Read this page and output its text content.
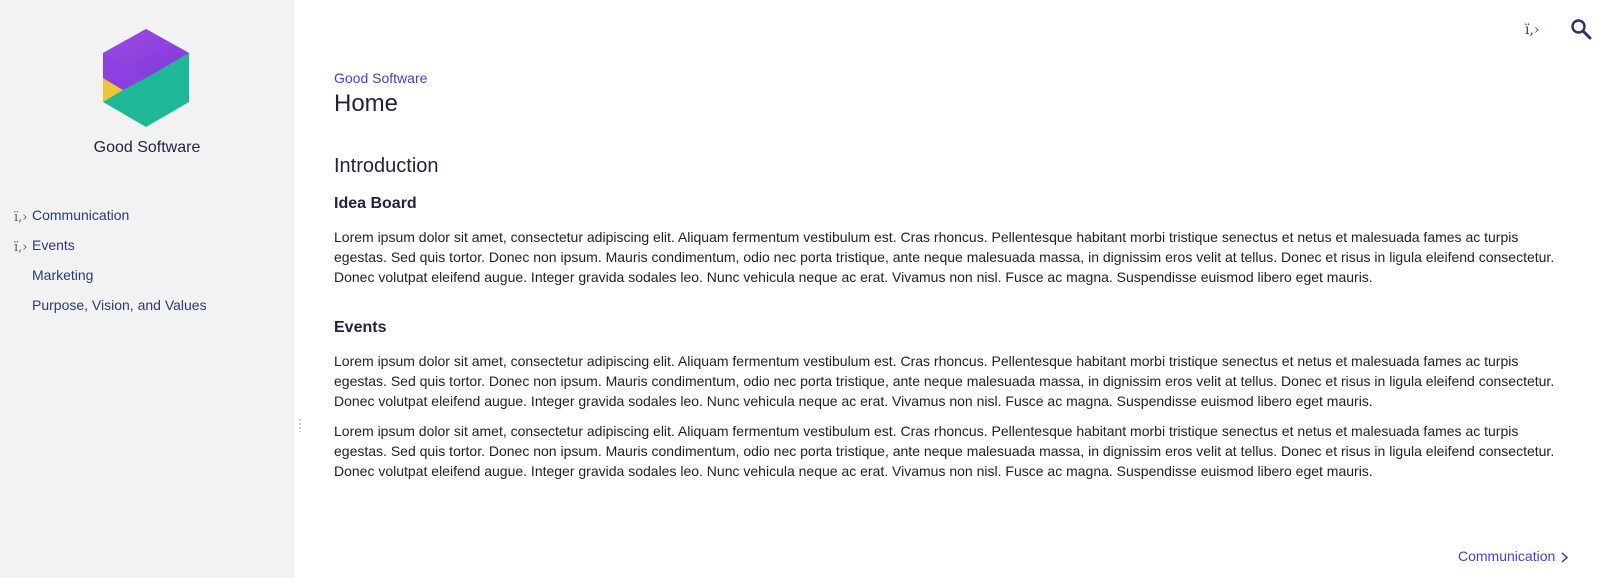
Good Software
ï,› Communication
ï,› Events
Marketing
Purpose, Vision, and Values
ï,›
Good Software
Home
Introduction
Idea Board

Lorem ipsum dolor sit amet, consectetur adipiscing elit. Aliquam fermentum vestibulum est. Cras rhoncus. Pellentesque habitant morbi tristique senectus et netus et malesuada fames ac turpis egestas. Sed quis tortor. Donec non ipsum. Mauris condimentum, odio nec porta tristique, ante neque malesuada massa, in dignissim eros velit at tellus. Donec et risus in ligula eleifend consectetur. Donec volutpat eleifend augue. Integer gravida sodales leo. Nunc vehicula neque ac erat. Vivamus non nisl. Fusce ac magna. Suspendisse euismod libero eget mauris.

Events

Lorem ipsum dolor sit amet, consectetur adipiscing elit. Aliquam fermentum vestibulum est. Cras rhoncus. Pellentesque habitant morbi tristique senectus et netus et malesuada fames ac turpis egestas. Sed quis tortor. Donec non ipsum. Mauris condimentum, odio nec porta tristique, ante neque malesuada massa, in dignissim eros velit at tellus. Donec et risus in ligula eleifend consectetur. Donec volutpat eleifend augue. Integer gravida sodales leo. Nunc vehicula neque ac erat. Vivamus non nisl. Fusce ac magna. Suspendisse euismod libero eget mauris.

Lorem ipsum dolor sit amet, consectetur adipiscing elit. Aliquam fermentum vestibulum est. Cras rhoncus. Pellentesque habitant morbi tristique senectus et netus et malesuada fames ac turpis egestas. Sed quis tortor. Donec non ipsum. Mauris condimentum, odio nec porta tristique, ante neque malesuada massa, in dignissim eros velit at tellus. Donec et risus in ligula eleifend consectetur. Donec volutpat eleifend augue. Integer gravida sodales leo. Nunc vehicula neque ac erat. Vivamus non nisl. Fusce ac magna. Suspendisse euismod libero eget mauris.

Communication
